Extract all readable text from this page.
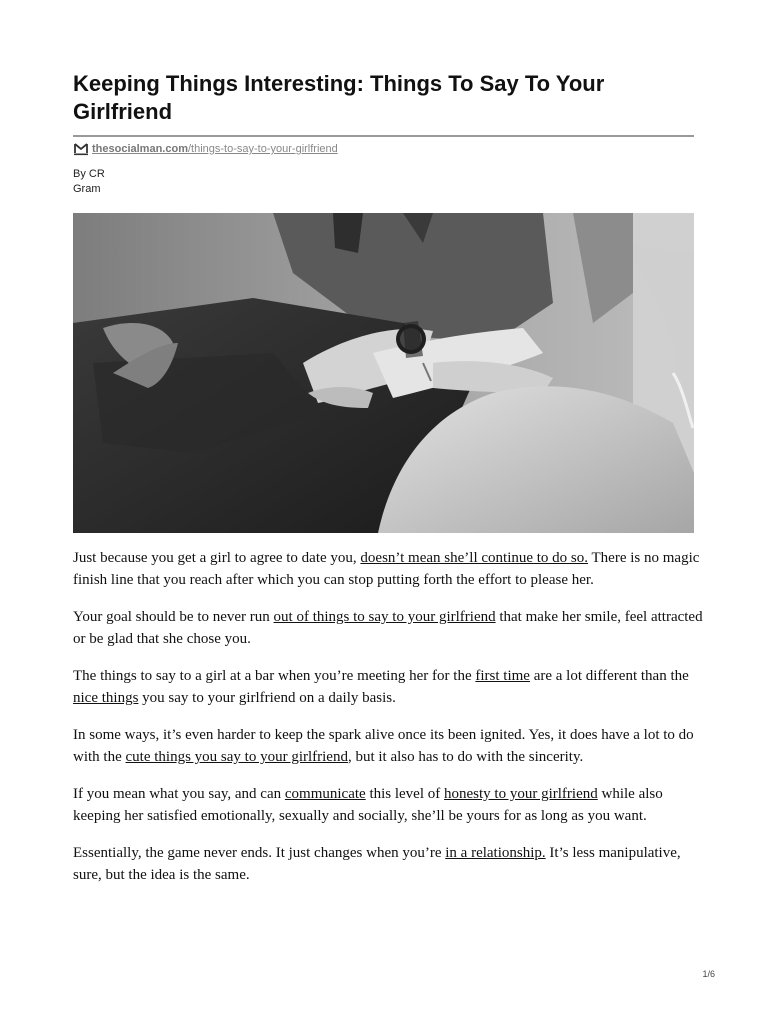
Keeping Things Interesting: Things To Say To Your Girlfriend
thesocialman.com/things-to-say-to-your-girlfriend
By CR
Gram

Just because you get a girl to agree to date you, doesn’t mean she’ll continue to do so. There is no magic finish line that you reach after which you can stop putting forth the effort to please her.

Your goal should be to never run out of things to say to your girlfriend that make her smile, feel attracted or be glad that she chose you.

The things to say to a girl at a bar when you’re meeting her for the first time are a lot different than the nice things you say to your girlfriend on a daily basis.

In some ways, it’s even harder to keep the spark alive once its been ignited. Yes, it does have a lot to do with the cute things you say to your girlfriend, but it also has to do with the sincerity.

If you mean what you say, and can communicate this level of honesty to your girlfriend while also keeping her satisfied emotionally, sexually and socially, she’ll be yours for as long as you want.

Essentially, the game never ends. It just changes when you’re in a relationship. It’s less manipulative, sure, but the idea is the same.

1/6
